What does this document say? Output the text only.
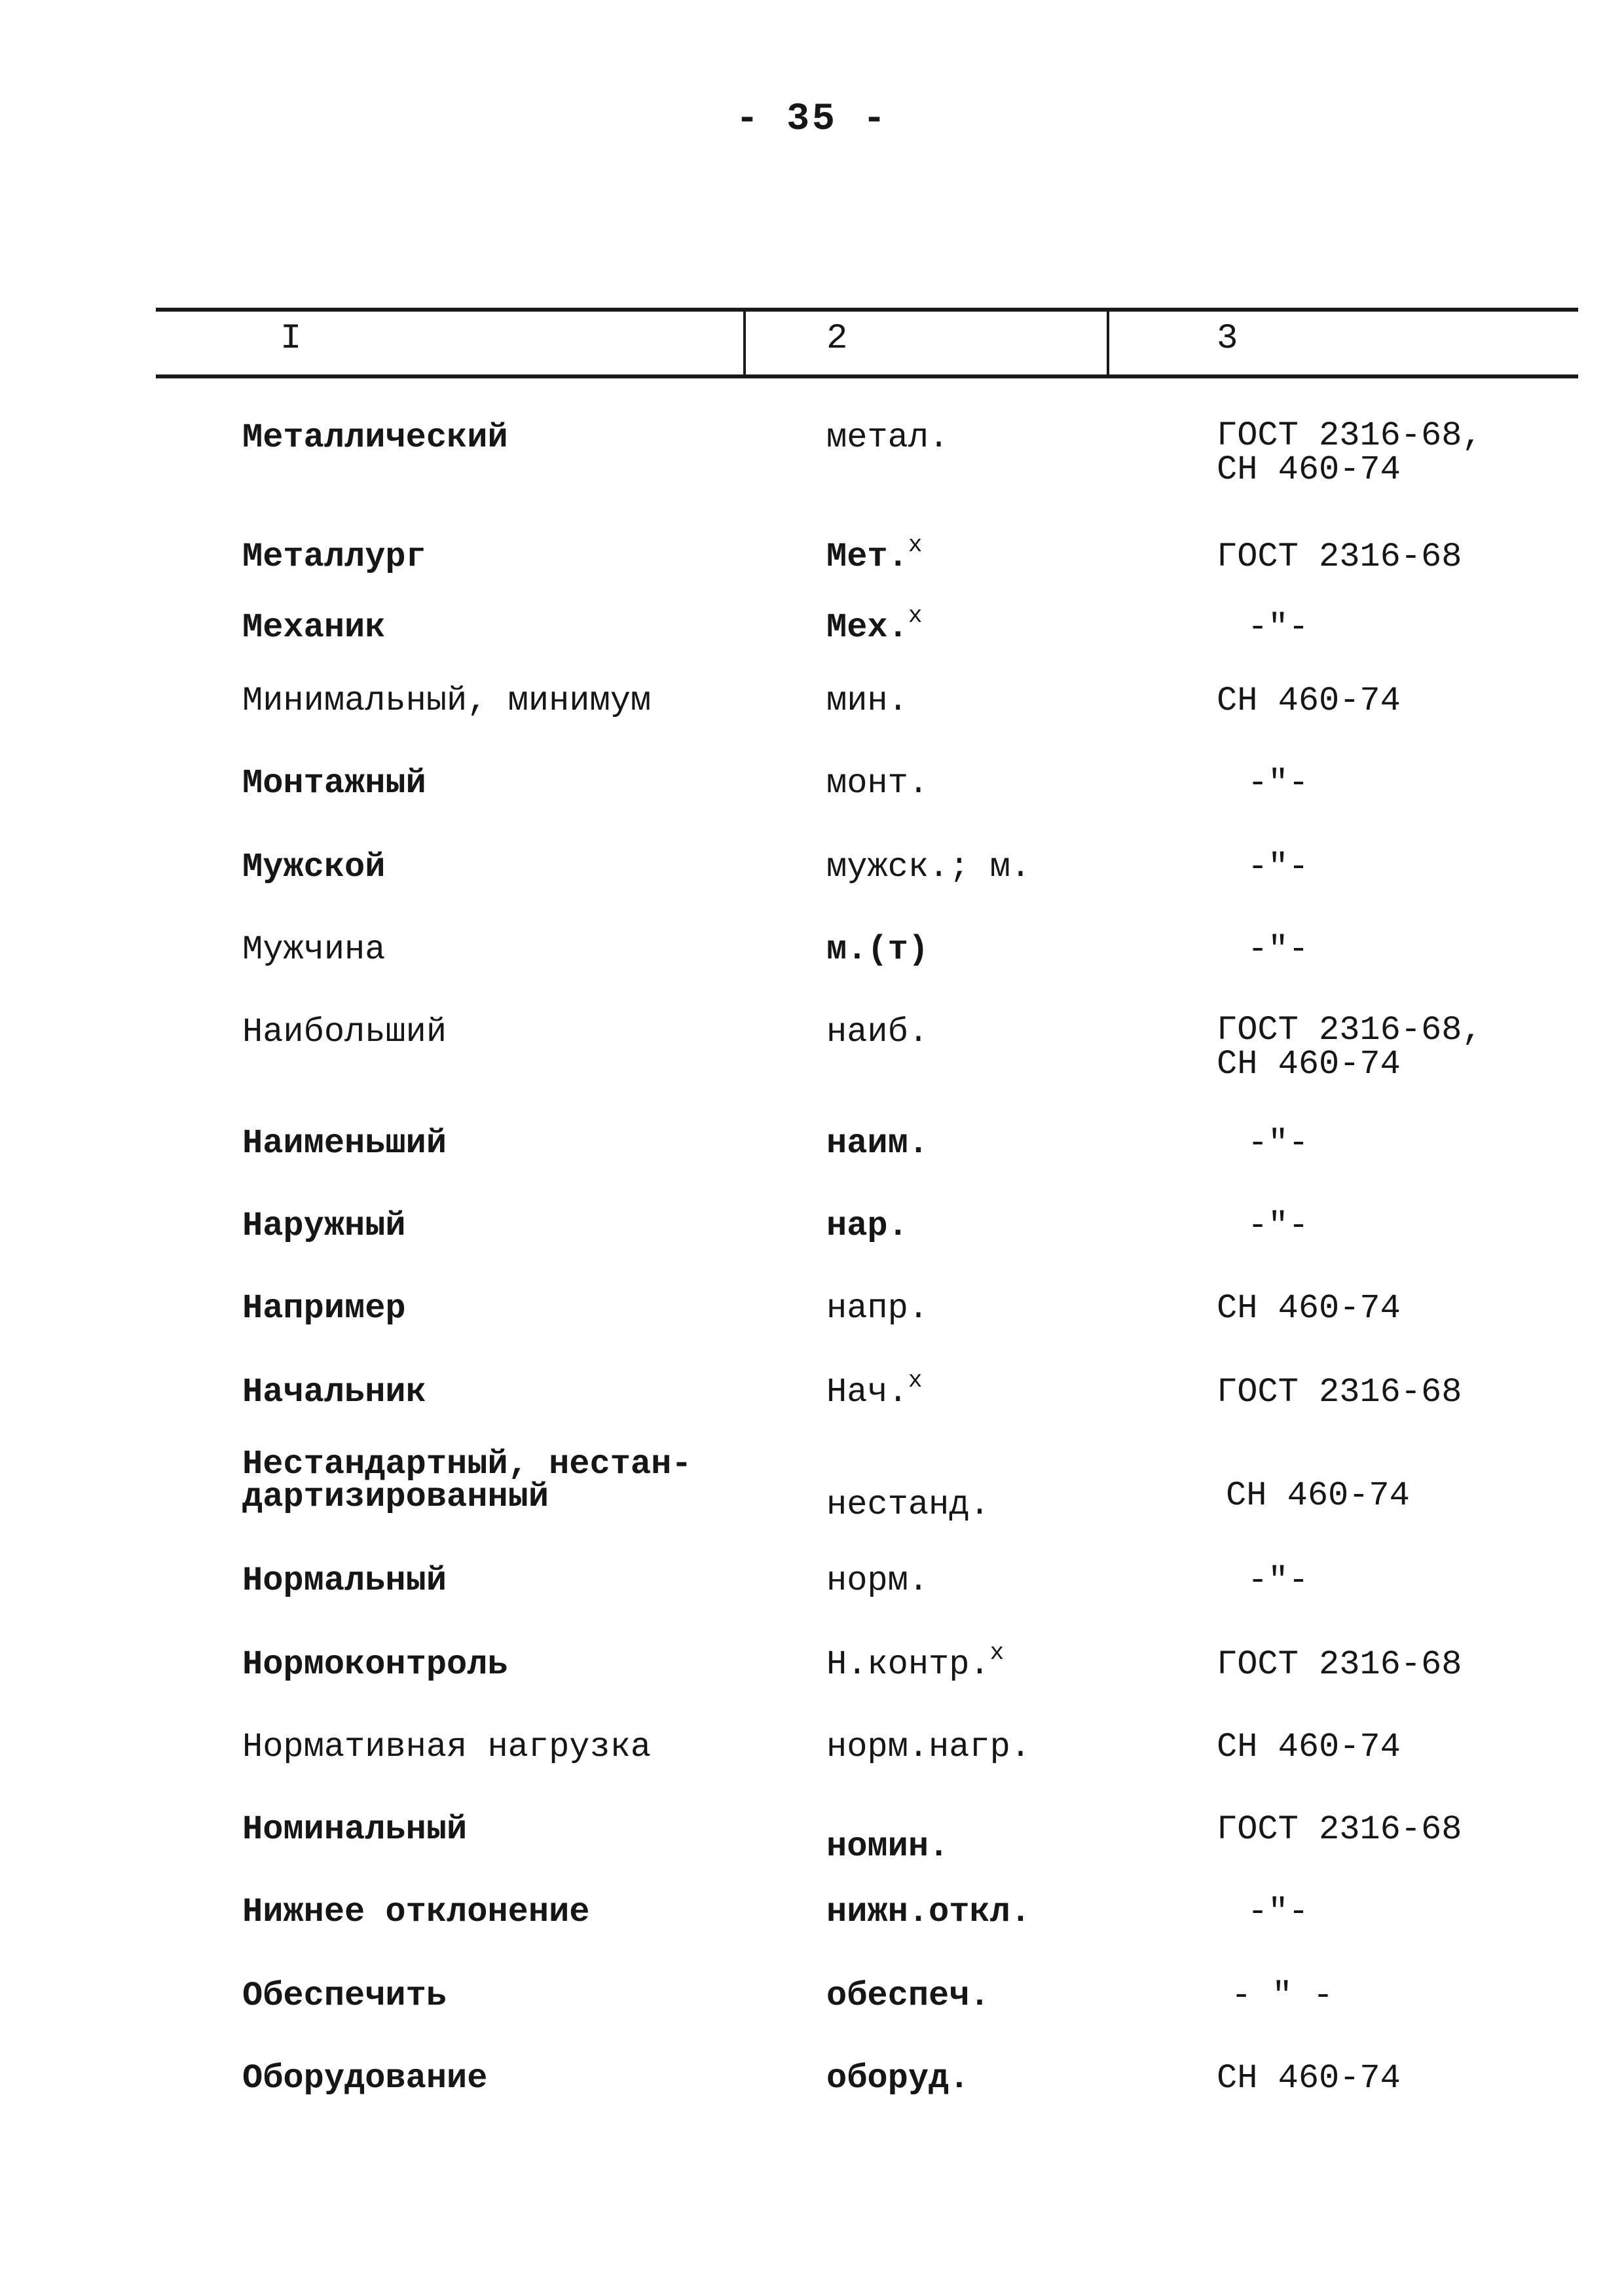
- 35 -
I	2	3
Металлический	метал.	ГОСТ 2316-68,
СН 460-74
Металлург	Мет.$^x$	ГОСТ 2316-68
Механик	Мех.$^x$	-"-
Минимальный, минимум	мин.	СН 460-74
Монтажный	монт.	-"-
Мужской	мужск.; м.	-"-
Мужчина	м.(т)	-"-
Наибольший	наиб.	ГОСТ 2316-68,
СН 460-74
Наименьший	наим.	-"-
Наружный	нар.	-"-
Например	напр.	СН 460-74
Начальник	Нач.$^x$	ГОСТ 2316-68
Нестандартный, нестан-
дартизированный	нестанд.	СН 460-74
Нормальный	норм.	-"-
Нормоконтроль	Н.контр.$^x$	ГОСТ 2316-68
Нормативная нагрузка	норм.нагр.	СН 460-74
Номинальный	номин.	ГОСТ 2316-68
Нижнее отклонение	нижн.откл.	-"-
Обеспечить	обеспеч.	- " -
Оборудование	оборуд.	СН 460-74
